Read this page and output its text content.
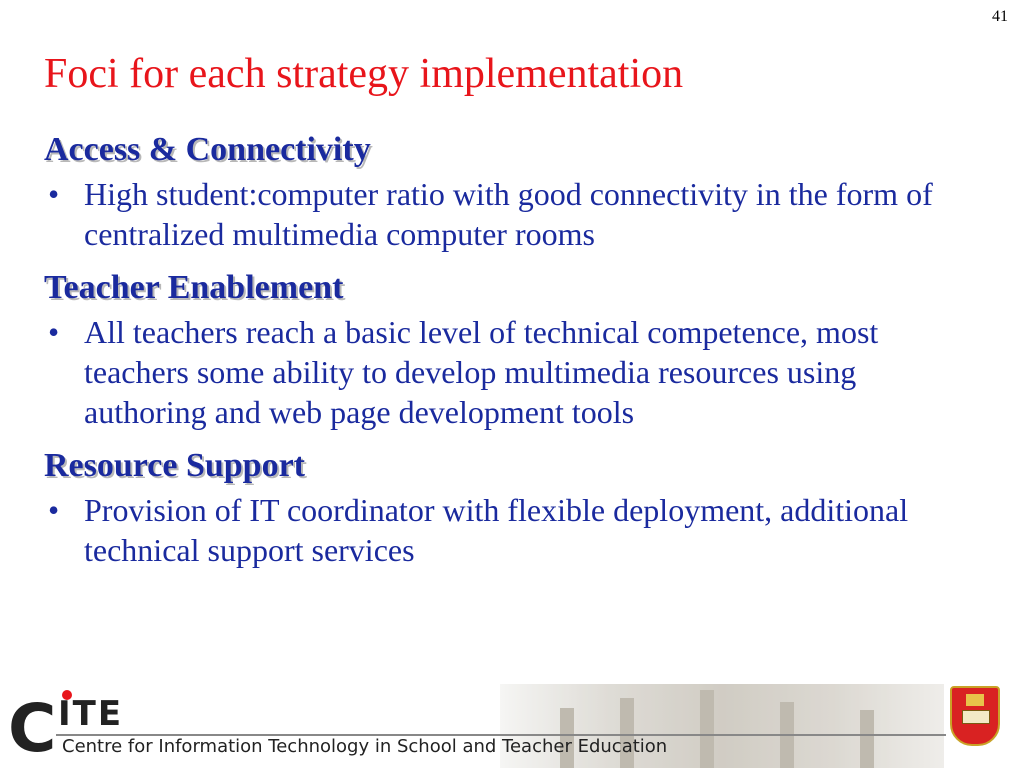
41
Foci for each strategy implementation
Access & Connectivity
• High student:computer ratio with good connectivity in the form of centralized multimedia computer rooms
Teacher Enablement
• All teachers reach a basic level of technical competence, most teachers some ability to develop multimedia resources using authoring and web page development tools
Resource Support
• Provision of IT coordinator with flexible deployment, additional technical support services
C ITE
Centre for Information Technology in School and Teacher Education
